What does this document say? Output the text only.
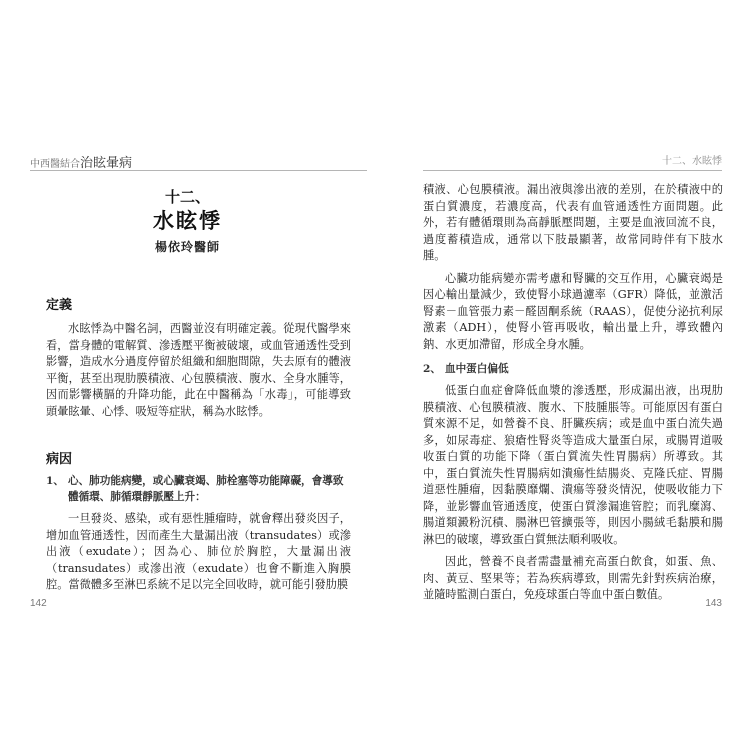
中西醫結合治眩暈病
十二、
水眩悸
楊依玲醫師
定義

水眩悸為中醫名詞，西醫並沒有明確定義。從現代醫學來看，當身體的電解質、滲透壓平衡被破壞，或血管通透性受到影響，造成水分過度停留於組織和細胞間隙，失去原有的體液平衡，甚至出現肋膜積液、心包膜積液、腹水、全身水腫等，因而影響橫膈的升降功能，此在中醫稱為「水毒」，可能導致頭暈眩暈、心悸、吸短等症狀，稱為水眩悸。

病因

1、 心、肺功能病變，或心臟衰竭、肺栓塞等功能障礙，會導致體循環、肺循環靜脈壓上升：

一旦發炎、感染，或有惡性腫瘤時，就會釋出發炎因子，增加血管通透性，因而產生大量漏出液（transudates）或滲出液（exudate）；因為心、肺位於胸腔，大量漏出液（transudates）或滲出液（exudate）也會不斷進入胸膜腔。當微體多至淋巴系統不足以完全回收時，就可能引發肋膜

142
十二、水眩悸

積液、心包膜積液。漏出液與滲出液的差別，在於積液中的蛋白質濃度，若濃度高，代表有血管通透性方面問題。此外，若有體循環則為高靜脈壓問題，主要是血液回流不良，過度蓄積造成，通常以下肢最顯著，故常同時伴有下肢水腫。

心臟功能病變亦需考慮和腎臟的交互作用，心臟衰竭是因心輸出量減少，致使腎小球過濾率（GFR）降低，並激活腎素－血管張力素－醛固酮系統（RAAS），促使分泌抗利尿激素（ADH），使腎小管再吸收，輸出量上升，導致體內鈉、水更加滯留，形成全身水腫。

2、 血中蛋白偏低

低蛋白血症會降低血漿的滲透壓，形成漏出液，出現肋膜積液、心包膜積液、腹水、下肢腫脹等。可能原因有蛋白質來源不足，如營養不良、肝臟疾病；或是血中蛋白流失過多，如尿毒症、狼瘡性腎炎等造成大量蛋白尿，或腸胃道吸收蛋白質的功能下降（蛋白質流失性胃腸病）所導致。其中，蛋白質流失性胃腸病如潰瘍性結腸炎、克隆氏症、胃腸道惡性腫瘤，因黏膜靡爛、潰瘍等發炎情況，使吸收能力下降，並影響血管通透度，使蛋白質滲漏進管腔；而乳糜瀉、腸道類澱粉沉積、腸淋巴管擴張等，則因小腸絨毛黏膜和腸淋巴的破壞，導致蛋白質無法順利吸收。

因此，營養不良者需盡量補充高蛋白飲食，如蛋、魚、肉、黃豆、堅果等；若為疾病導致，則需先針對疾病治療，並隨時監測白蛋白，免疫球蛋白等血中蛋白數值。

143
